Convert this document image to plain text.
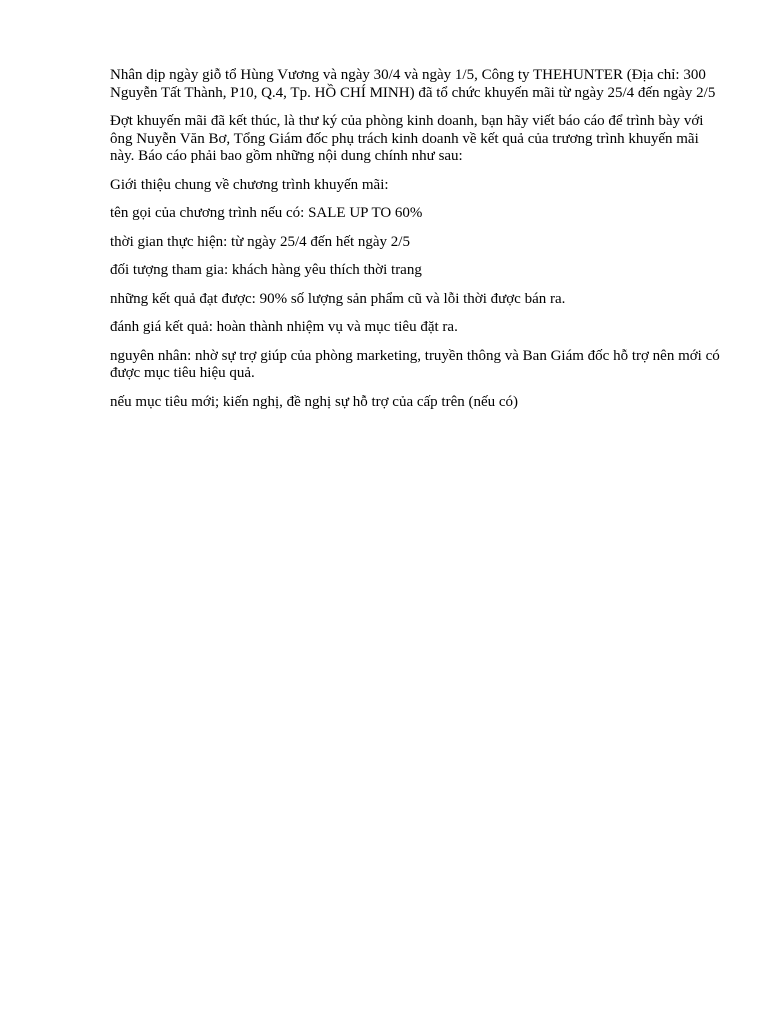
Nhân dịp ngày giỗ tổ Hùng Vương và ngày 30/4 và ngày 1/5, Công ty THEHUNTER (Địa chỉ: 300 Nguyễn Tất Thành, P10, Q.4, Tp. HỒ CHÍ MINH) đã tổ chức khuyến mãi từ ngày 25/4 đến ngày 2/5

Đợt khuyến mãi đã kết thúc, là thư ký của phòng kinh doanh, bạn hãy viết báo cáo để trình bày với ông Nuyễn Văn Bơ, Tổng Giám đốc phụ trách kinh doanh về kết quả của trương trình khuyến mãi này. Báo cáo phải bao gồm những nội dung chính như sau:

Giới thiệu chung về chương trình khuyến mãi:

tên gọi của chương trình nếu có: SALE UP TO 60%

thời gian thực hiện: từ ngày 25/4 đến hết ngày 2/5

đối tượng tham gia: khách hàng yêu thích thời trang

những kết quả đạt được: 90% số lượng sản phẩm cũ và lỗi thời được bán ra.

đánh giá kết quả: hoàn thành nhiệm vụ và mục tiêu đặt ra.

nguyên nhân: nhờ sự trợ giúp của phòng marketing, truyền thông và Ban Giám đốc hỗ trợ nên mới có được mục tiêu hiệu quả.

nếu mục tiêu mới; kiến nghị, đề nghị sự hỗ trợ của cấp trên (nếu có)
